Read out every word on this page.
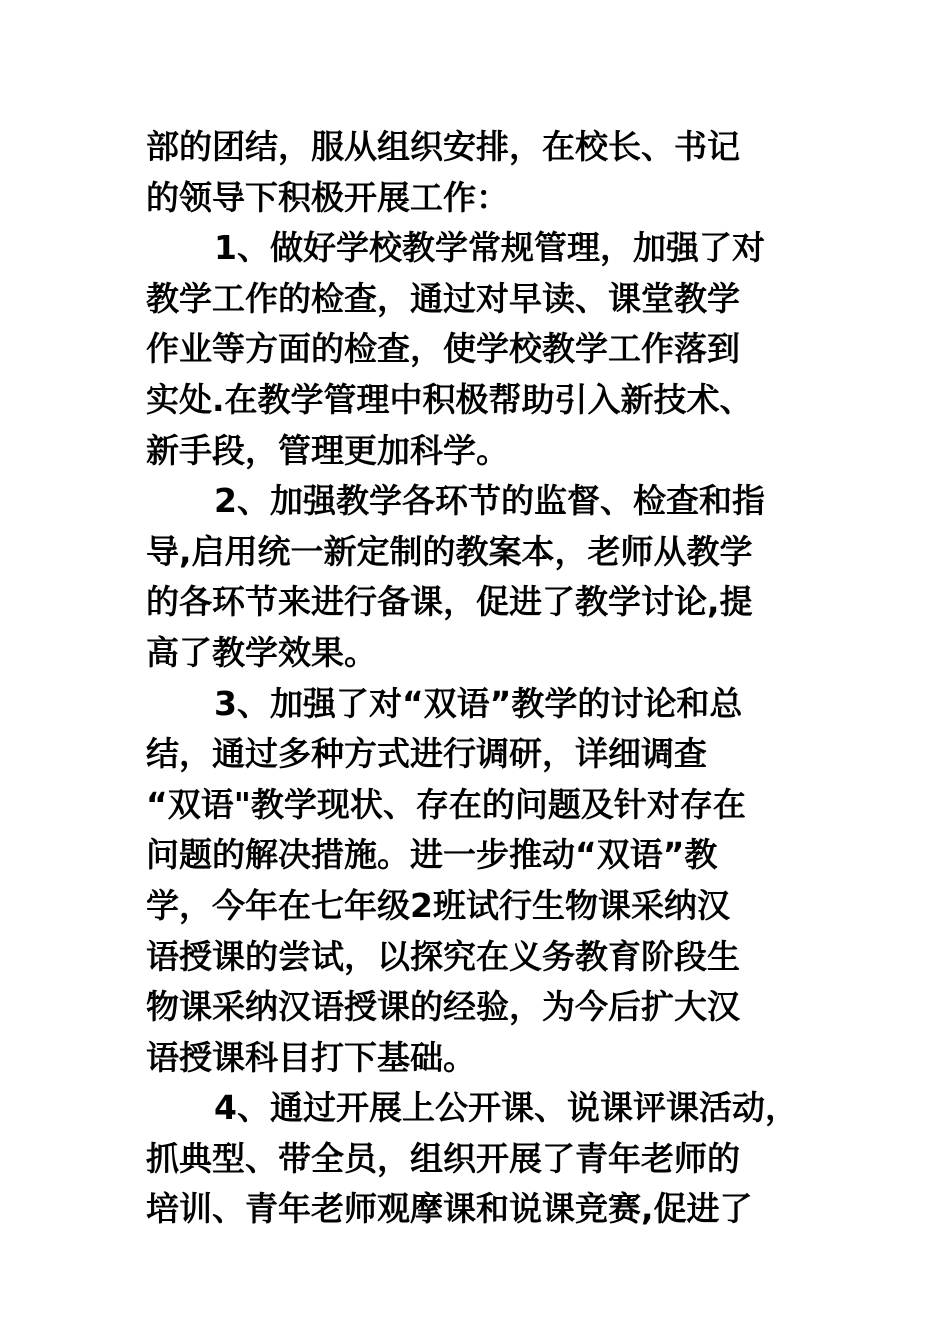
部的团结，服从组织安排，在校长、书记
的领导下积极开展工作：
1、做好学校教学常规管理，加强了对
教学工作的检查，通过对早读、课堂教学
作业等方面的检查，使学校教学工作落到
实处.在教学管理中积极帮助引入新技术、
新手段，管理更加科学。
2、加强教学各环节的监督、检查和指
导,启用统一新定制的教案本，老师从教学
的各环节来进行备课，促进了教学讨论,提
高了教学效果。
3、加强了对“双语”教学的讨论和总
结，通过多种方式进行调研，详细调查
“双语"教学现状、存在的问题及针对存在
问题的解决措施。进一步推动“双语”教
学，今年在七年级2班试行生物课采纳汉
语授课的尝试，以探究在义务教育阶段生
物课采纳汉语授课的经验，为今后扩大汉
语授课科目打下基础。
4、通过开展上公开课、说课评课活动，
抓典型、带全员，组织开展了青年老师的
培训、青年老师观摩课和说课竞赛,促进了
